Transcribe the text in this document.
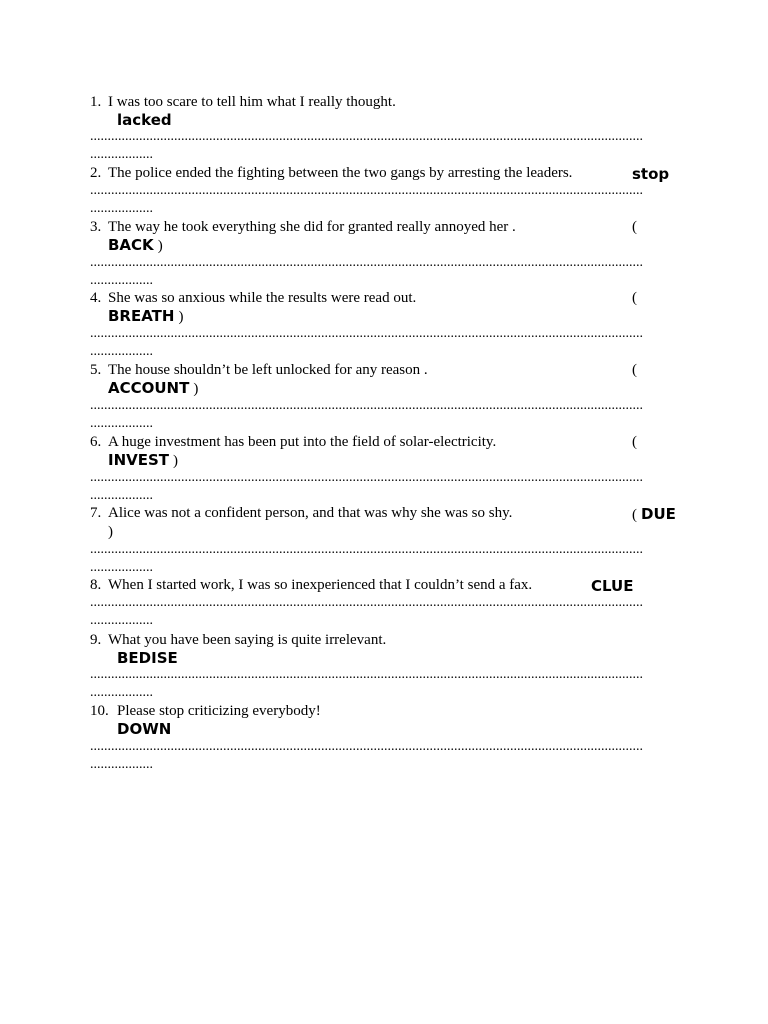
1. I was too scare to tell him what I really thought.
lacked
..............................................................................................................................................................
..................
2. The police ended the fighting between the two gangs by arresting the leaders.	stop
..............................................................................................................................................................
..................
3. The way he took everything she did for granted really annoyed her .	(
BACK )
..............................................................................................................................................................
..................
4. She was so anxious while the results were read out.	(
BREATH )
..............................................................................................................................................................
..................
5. The house shouldn’t be left unlocked for any reason .	(
ACCOUNT )
..............................................................................................................................................................
..................
6. A huge investment has been put into the field of solar-electricity.	(
INVEST )
..............................................................................................................................................................
..................
7. Alice was not a confident person, and that was why she was so shy.	( DUE
)
..............................................................................................................................................................
..................
8. When I started work, I was so inexperienced that I couldn’t send a fax.	CLUE
..............................................................................................................................................................
..................
9. What you have been saying is quite irrelevant.
BEDISE
..............................................................................................................................................................
..................
10. Please stop criticizing everybody!
DOWN
..............................................................................................................................................................
..................
